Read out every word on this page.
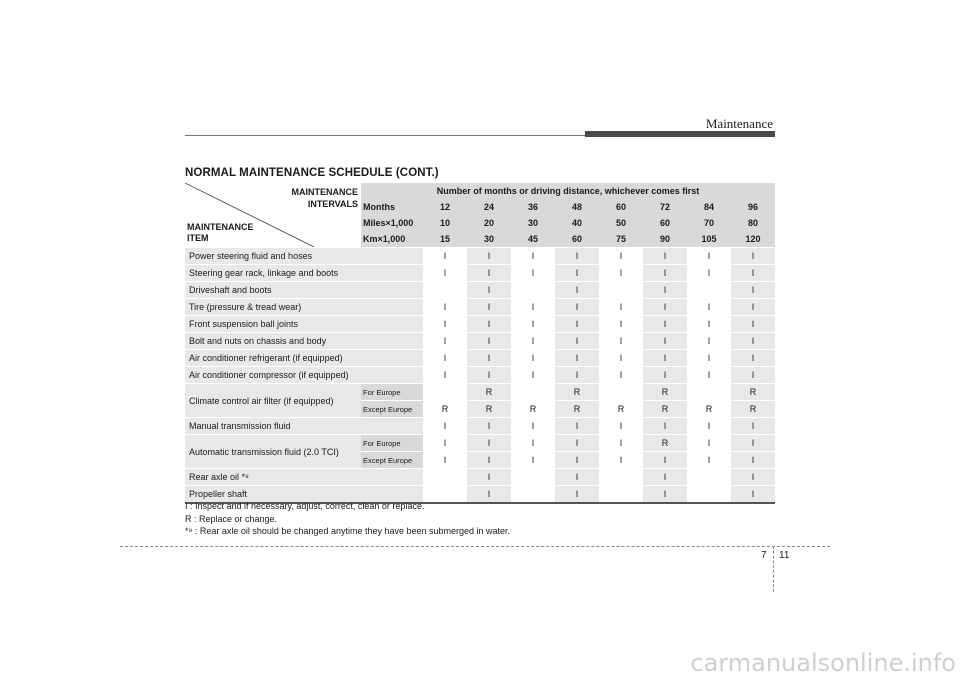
Maintenance
NORMAL MAINTENANCE SCHEDULE (CONT.)
MAINTENANCE
INTERVALS
MAINTENANCE
ITEM	Number of months or driving distance, whichever comes first								
	Months	12	24	36	48	60	72	84	96
	Miles×1,000	10	20	30	40	50	60	70	80
	Km×1,000	15	30	45	60	75	90	105	120
Power steering fluid and hoses		I	I	I	I	I	I	I	I
Steering gear rack, linkage and boots		I	I	I	I	I	I	I	I
Driveshaft and boots			I		I		I		I
Tire (pressure & tread wear)		I	I	I	I	I	I	I	I
Front suspension ball joints		I	I	I	I	I	I	I	I
Bolt and nuts on chassis and body		I	I	I	I	I	I	I	I
Air conditioner refrigerant (if equipped)		I	I	I	I	I	I	I	I
Air conditioner compressor (if equipped)		I	I	I	I	I	I	I	I
Climate control air filter (if equipped)	For Europe		R		R		R		R
	Except Europe	R	R	R	R	R	R	R	R
Manual transmission fluid		I	I	I	I	I	I	I	I
Automatic transmission fluid (2.0 TCI)	For Europe	I	I	I	I	I	R	I	I
	Except Europe	I	I	I	I	I	I	I	I
Rear axle oil *⁹			I		I		I		I
Propeller shaft			I		I		I		I
I : Inspect and if necessary, adjust, correct, clean or replace.
R : Replace or change.
*⁹ : Rear axle oil should be changed anytime they have been submerged in water.
7 11
carmanualsonline.info
